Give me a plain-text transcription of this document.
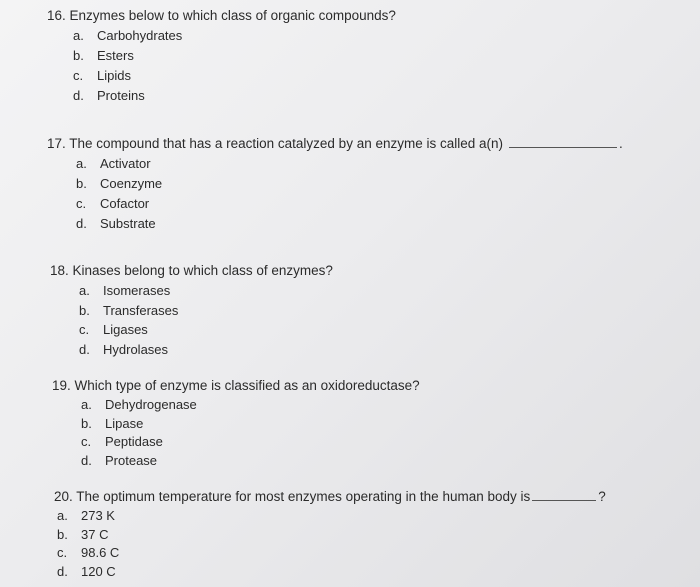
16. Enzymes below to which class of organic compounds?
a. Carbohydrates
b. Esters
c. Lipids
d. Proteins
17. The compound that has a reaction catalyzed by an enzyme is called a(n)	.
a. Activator
b. Coenzyme
c. Cofactor
d. Substrate
18. Kinases belong to which class of enzymes?
a. Isomerases
b. Transferases
c. Ligases
d. Hydrolases
19. Which type of enzyme is classified as an oxidoreductase?
a. Dehydrogenase
b. Lipase
c. Peptidase
d. Protease
20. The optimum temperature for most enzymes operating in the human body is	?
a. 273 K
b. 37 C
c. 98.6 C
d. 120 C
